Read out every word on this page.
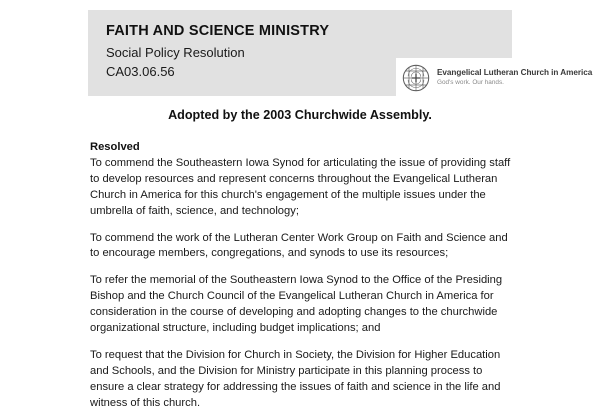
FAITH AND SCIENCE MINISTRY
Social Policy Resolution
CA03.06.56	Evangelical Lutheran Church in America
God's work. Our hands.
Adopted by the 2003 Churchwide Assembly.
Resolved

To commend the Southeastern Iowa Synod for articulating the issue of providing staff to develop resources and represent concerns throughout the Evangelical Lutheran Church in America for this church's engagement of the multiple issues under the umbrella of faith, science, and technology;

To commend the work of the Lutheran Center Work Group on Faith and Science and to encourage members, congregations, and synods to use its resources;

To refer the memorial of the Southeastern Iowa Synod to the Office of the Presiding Bishop and the Church Council of the Evangelical Lutheran Church in America for consideration in the course of developing and adopting changes to the churchwide organizational structure, including budget implications; and

To request that the Division for Church in Society, the Division for Higher Education and Schools, and the Division for Ministry participate in this planning process to ensure a clear strategy for addressing the issues of faith and science in the life and witness of this church.
